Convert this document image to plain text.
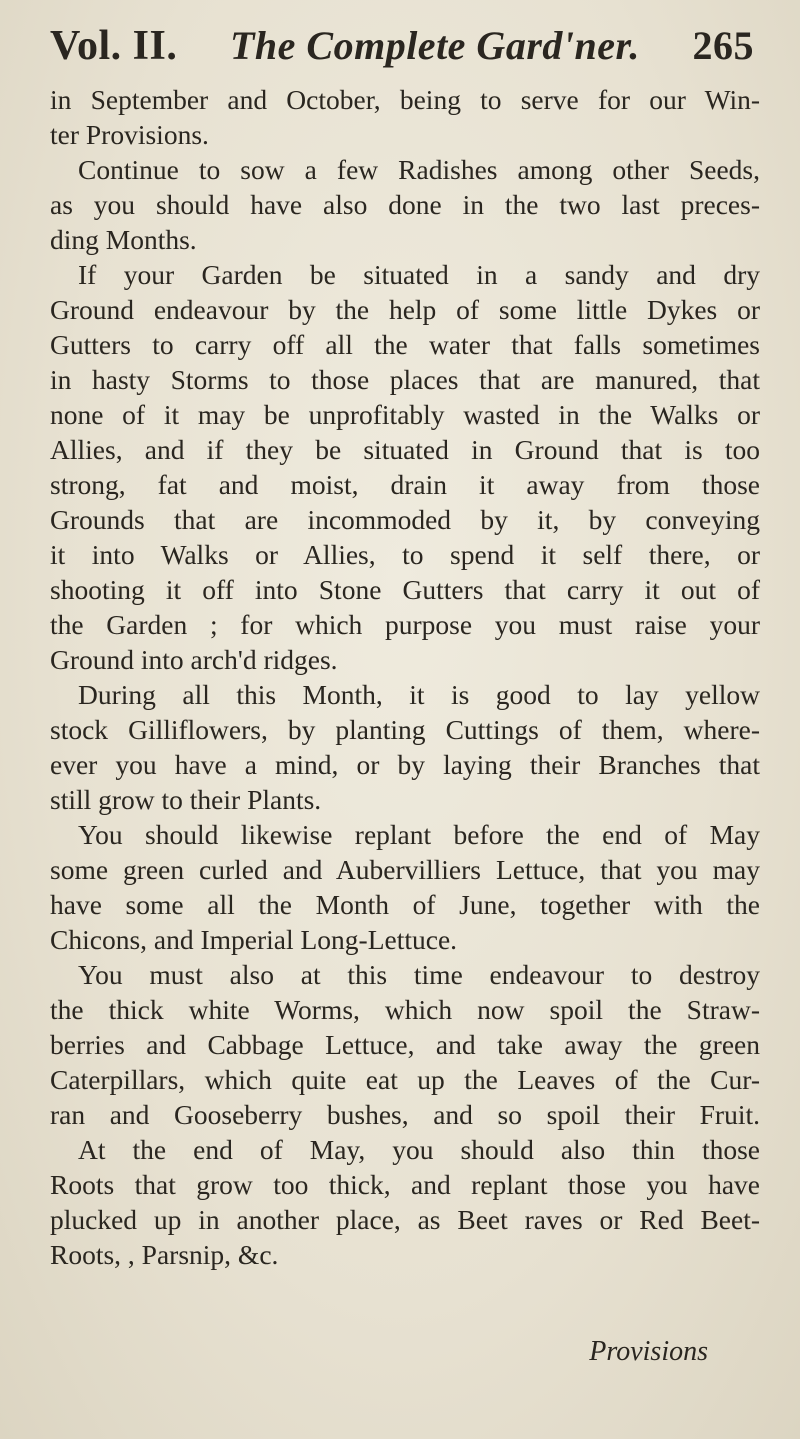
Vol. II. The Complete Gard'ner. 265
in September and October, being to serve for our Win-
ter Provisions.
Continue to sow a few Radishes among other Seeds,
as you should have also done in the two last preces-
ding Months.
If your Garden be situated in a sandy and dry
Ground endeavour by the help of some little Dykes or
Gutters to carry off all the water that falls sometimes
in hasty Storms to those places that are manured, that
none of it may be unprofitably wasted in the Walks or
Allies, and if they be situated in Ground that is too
strong, fat and moist, drain it away from those
Grounds that are incommoded by it, by conveying
it into Walks or Allies, to spend it self there, or
shooting it off into Stone Gutters that carry it out of
the Garden ; for which purpose you must raise your
Ground into arch'd ridges.
During all this Month, it is good to lay yellow
stock Gilliflowers, by planting Cuttings of them, where-
ever you have a mind, or by laying their Branches that
still grow to their Plants.
You should likewise replant before the end of May
some green curled and Aubervilliers Lettuce, that you may
have some all the Month of June, together with the
Chicons, and Imperial Long-Lettuce.
You must also at this time endeavour to destroy
the thick white Worms, which now spoil the Straw-
berries and Cabbage Lettuce, and take away the green
Caterpillars, which quite eat up the Leaves of the Cur-
ran and Gooseberry bushes, and so spoil their Fruit.
At the end of May, you should also thin those
Roots that grow too thick, and replant those you have
plucked up in another place, as Beet raves or Red Beet-
Roots, , Parsnip, &c.
Provisions
